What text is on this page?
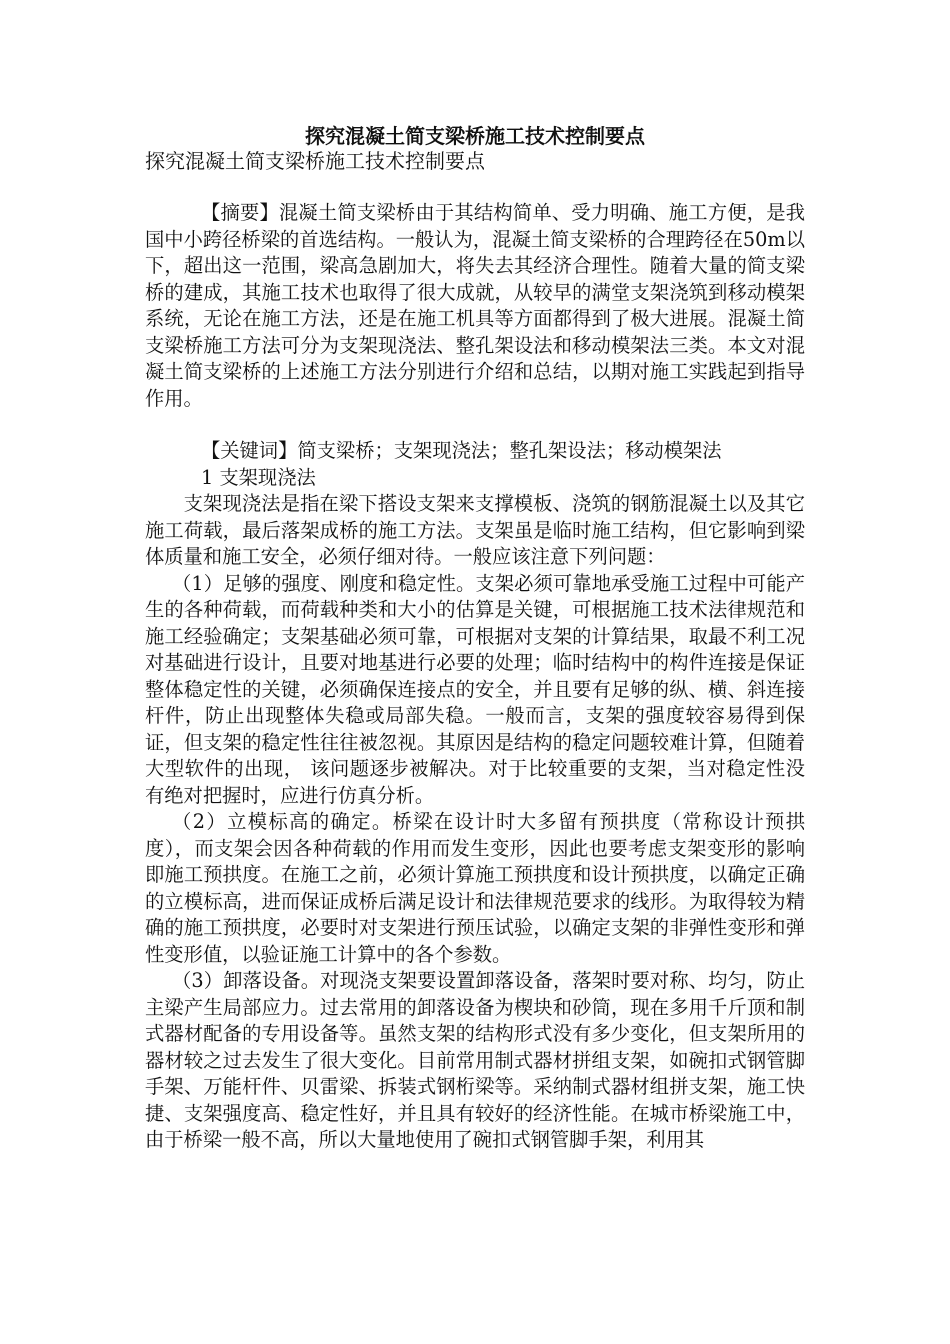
探究混凝土简支梁桥施工技术控制要点

探究混凝土简支梁桥施工技术控制要点

【摘要】混凝土简支梁桥由于其结构简单、受力明确、施工方便，是我国中小跨径桥梁的首选结构。一般认为，混凝土简支梁桥的合理跨径在50m以下，超出这一范围，梁高急剧加大，将失去其经济合理性。随着大量的简支梁桥的建成，其施工技术也取得了很大成就，从较早的满堂支架浇筑到移动模架系统，无论在施工方法，还是在施工机具等方面都得到了极大进展。混凝土简支梁桥施工方法可分为支架现浇法、整孔架设法和移动模架法三类。本文对混凝土简支梁桥的上述施工方法分别进行介绍和总结，以期对施工实践起到指导作用。

【关键词】简支梁桥；支架现浇法；整孔架设法；移动模架法

1 支架现浇法

支架现浇法是指在梁下搭设支架来支撑模板、浇筑的钢筋混凝土以及其它施工荷载，最后落架成桥的施工方法。支架虽是临时施工结构，但它影响到梁体质量和施工安全，必须仔细对待。一般应该注意下列问题：

（1）足够的强度、刚度和稳定性。支架必须可靠地承受施工过程中可能产生的各种荷载，而荷载种类和大小的估算是关键，可根据施工技术法律规范和施工经验确定；支架基础必须可靠，可根据对支架的计算结果，取最不利工况对基础进行设计，且要对地基进行必要的处理；临时结构中的构件连接是保证整体稳定性的关键，必须确保连接点的安全，并且要有足够的纵、横、斜连接杆件，防止出现整体失稳或局部失稳。一般而言，支架的强度较容易得到保证，但支架的稳定性往往被忽视。其原因是结构的稳定问题较难计算，但随着大型软件的出现， 该问题逐步被解决。对于比较重要的支架，当对稳定性没有绝对把握时，应进行仿真分析。

（2）立模标高的确定。桥梁在设计时大多留有预拱度（常称设计预拱度），而支架会因各种荷载的作用而发生变形，因此也要考虑支架变形的影响即施工预拱度。在施工之前，必须计算施工预拱度和设计预拱度，以确定正确的立模标高，进而保证成桥后满足设计和法律规范要求的线形。为取得较为精确的施工预拱度，必要时对支架进行预压试验，以确定支架的非弹性变形和弹性变形值，以验证施工计算中的各个参数。

（3）卸落设备。对现浇支架要设置卸落设备，落架时要对称、均匀，防止主梁产生局部应力。过去常用的卸落设备为楔块和砂筒，现在多用千斤顶和制式器材配备的专用设备等。虽然支架的结构形式没有多少变化，但支架所用的器材较之过去发生了很大变化。目前常用制式器材拼组支架，如碗扣式钢管脚手架、万能杆件、贝雷梁、拆装式钢桁梁等。采纳制式器材组拼支架，施工快捷、支架强度高、稳定性好，并且具有较好的经济性能。在城市桥梁施工中，由于桥梁一般不高，所以大量地使用了碗扣式钢管脚手架，利用其
